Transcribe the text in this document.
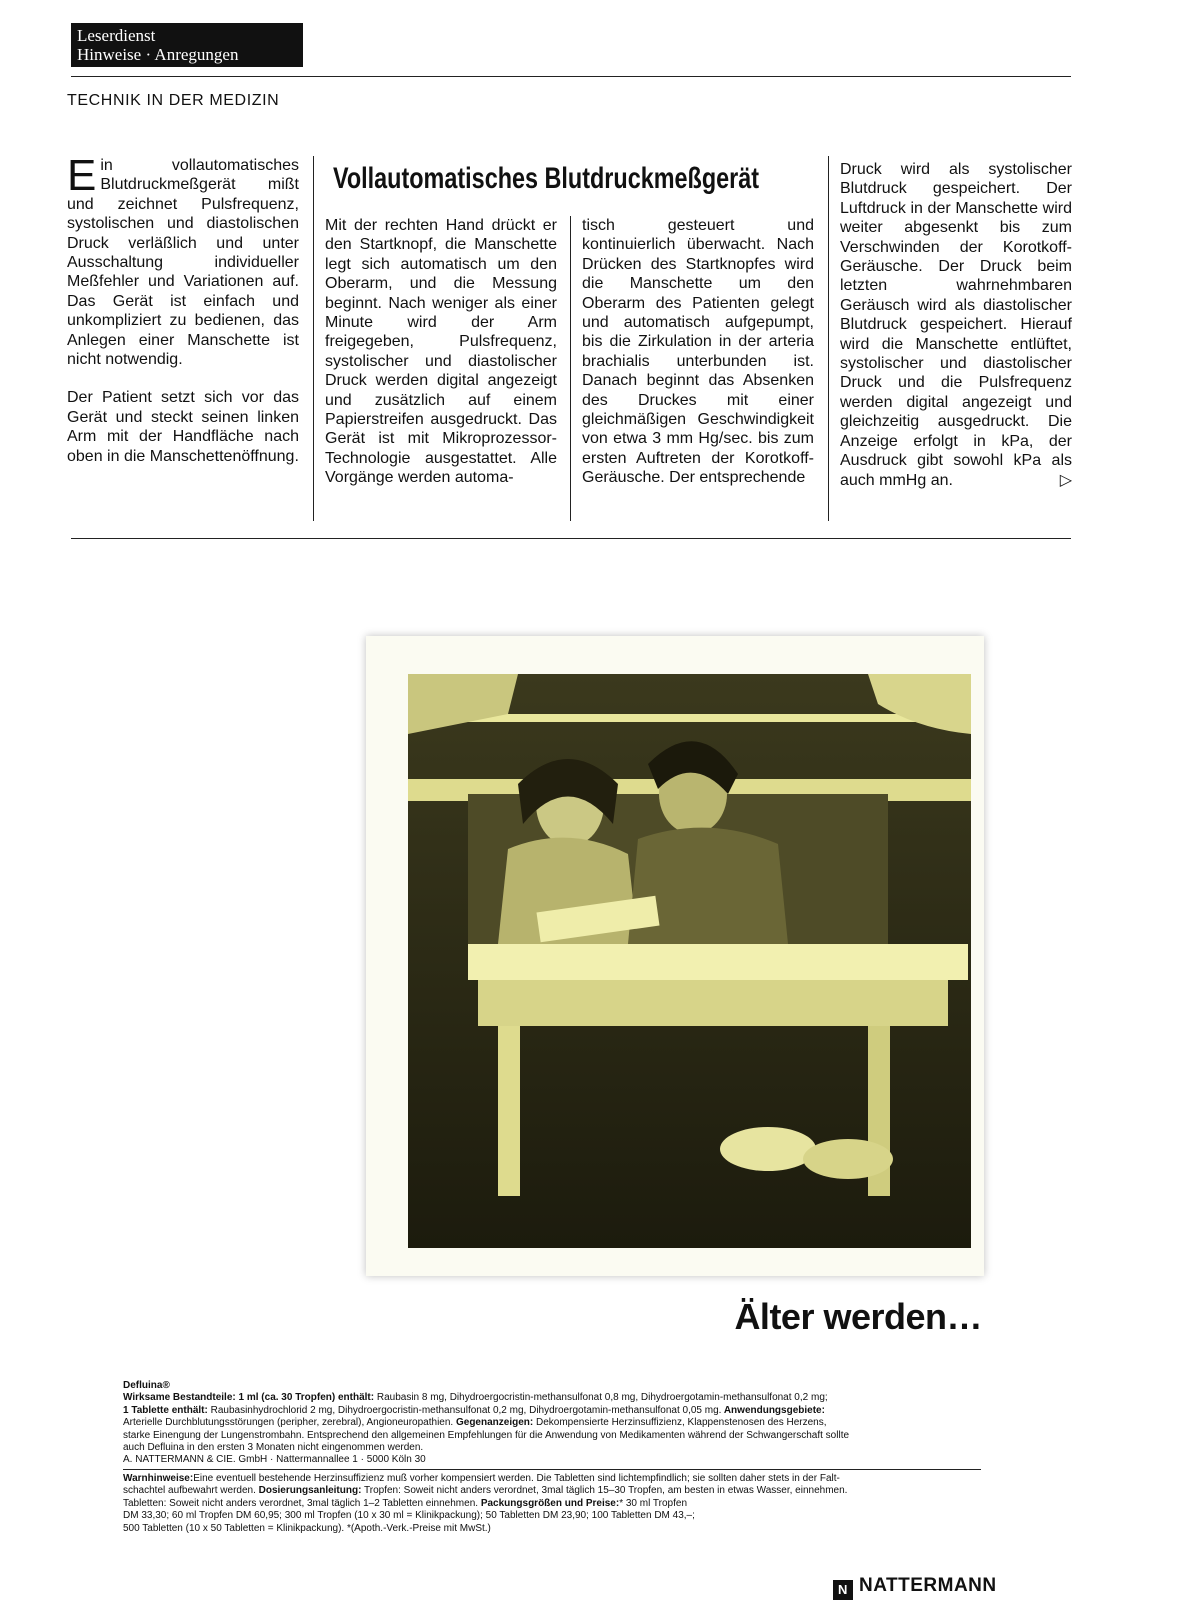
Leserdienst
Hinweise · Anregungen
TECHNIK IN DER MEDIZIN

Ein vollautomatisches Blutdruckmeßgerät mißt und zeichnet Pulsfrequenz, systolischen und diastolischen Druck verläßlich und unter Ausschaltung individueller Meßfehler und Variationen auf. Das Gerät ist einfach und unkompliziert zu bedienen, das Anlegen einer Manschette ist nicht notwendig.

Der Patient setzt sich vor das Gerät und steckt seinen linken Arm mit der Handfläche nach oben in die Manschettenöffnung.

Vollautomatisches Blutdruckmeßgerät

Mit der rechten Hand drückt er den Startknopf, die Manschette legt sich automatisch um den Oberarm, und die Messung beginnt. Nach weniger als einer Minute wird der Arm freigegeben, Pulsfrequenz, systolischer und diastolischer Druck werden digital angezeigt und zusätzlich auf einem Papierstreifen ausgedruckt. Das Gerät ist mit Mikroprozessor-Technologie ausgestattet. Alle Vorgänge werden automa-

tisch gesteuert und kontinuierlich überwacht. Nach Drücken des Startknopfes wird die Manschette um den Oberarm des Patienten gelegt und automatisch aufgepumpt, bis die Zirkulation in der arteria brachialis unterbunden ist. Danach beginnt das Absenken des Druckes mit einer gleichmäßigen Geschwindigkeit von etwa 3 mm Hg/sec. bis zum ersten Auftreten der Korotkoff-Geräusche. Der entsprechende

Druck wird als systolischer Blutdruck gespeichert. Der Luftdruck in der Manschette wird weiter abgesenkt bis zum Verschwinden der Korotkoff-Geräusche. Der Druck beim letzten wahrnehmbaren Geräusch wird als diastolischer Blutdruck gespeichert. Hierauf wird die Manschette entlüftet, systolischer und diastolischer Druck und die Pulsfrequenz werden digital angezeigt und gleichzeitig ausgedruckt. Die Anzeige erfolgt in kPa, der Ausdruck gibt sowohl kPa als auch mmHg an.	▷

Älter werden…

Defluina®

Wirksame Bestandteile: 1 ml (ca. 30 Tropfen) enthält: Raubasin 8 mg, Dihydroergocristin-methansulfonat 0,8 mg, Dihydroergotamin-methansulfonat 0,2 mg;

1 Tablette enthält: Raubasinhydrochlorid 2 mg, Dihydroergocristin-methansulfonat 0,2 mg, Dihydroergotamin-methansulfonat 0,05 mg. Anwendungsgebiete:

Arterielle Durchblutungsstörungen (peripher, zerebral), Angioneuropathien. Gegenanzeigen: Dekompensierte Herzinsuffizienz, Klappenstenosen des Herzens,

starke Einengung der Lungenstrombahn. Entsprechend den allgemeinen Empfehlungen für die Anwendung von Medikamenten während der Schwangerschaft sollte

auch Defluina in den ersten 3 Monaten nicht eingenommen werden.

A. NATTERMANN & CIE. GmbH · Nattermannallee 1 · 5000 Köln 30

Warnhinweise:Eine eventuell bestehende Herzinsuffizienz muß vorher kompensiert werden. Die Tabletten sind lichtempfindlich; sie sollten daher stets in der Falt-

schachtel aufbewahrt werden. Dosierungsanleitung: Tropfen: Soweit nicht anders verordnet, 3mal täglich 15–30 Tropfen, am besten in etwas Wasser, einnehmen.

Tabletten: Soweit nicht anders verordnet, 3mal täglich 1–2 Tabletten einnehmen. Packungsgrößen und Preise:* 30 ml Tropfen

DM 33,30; 60 ml Tropfen DM 60,95; 300 ml Tropfen (10 x 30 ml = Klinikpackung); 50 Tabletten DM 23,90; 100 Tabletten DM 43,–;

500 Tabletten (10 x 50 Tabletten = Klinikpackung). *(Apoth.-Verk.-Preise mit MwSt.)

N NATTERMANN
